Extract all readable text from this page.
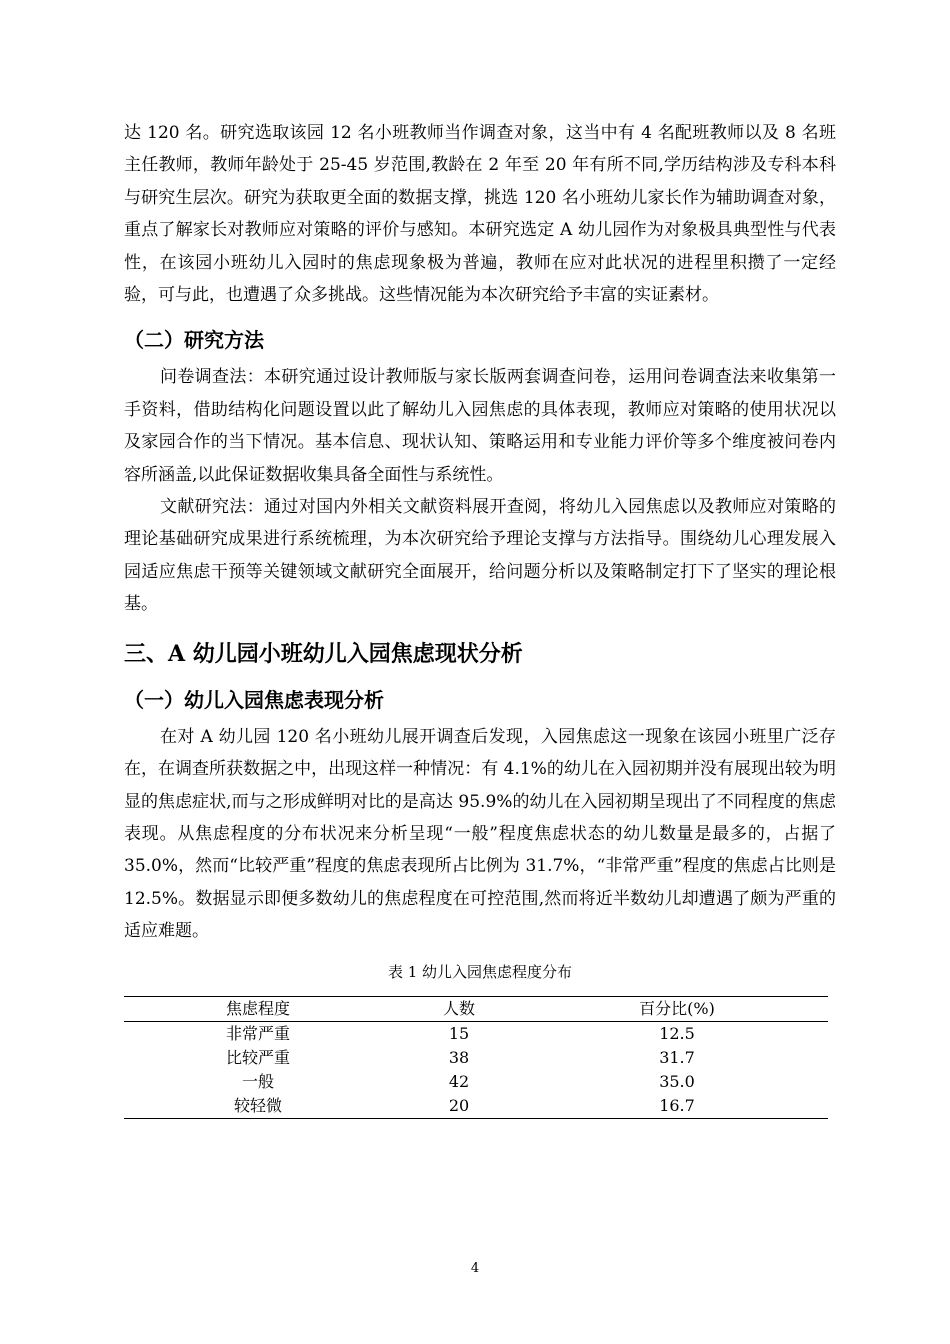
达 120 名。研究选取该园 12 名小班教师当作调查对象，这当中有 4 名配班教师以及 8 名班主任教师，教师年龄处于 25-45 岁范围,教龄在 2 年至 20 年有所不同,学历结构涉及专科本科与研究生层次。研究为获取更全面的数据支撑，挑选 120 名小班幼儿家长作为辅助调查对象，重点了解家长对教师应对策略的评价与感知。本研究选定 A 幼儿园作为对象极具典型性与代表性，在该园小班幼儿入园时的焦虑现象极为普遍，教师在应对此状况的进程里积攒了一定经验，可与此，也遭遇了众多挑战。这些情况能为本次研究给予丰富的实证素材。

（二）研究方法

问卷调查法：本研究通过设计教师版与家长版两套调查问卷，运用问卷调查法来收集第一手资料，借助结构化问题设置以此了解幼儿入园焦虑的具体表现，教师应对策略的使用状况以及家园合作的当下情况。基本信息、现状认知、策略运用和专业能力评价等多个维度被问卷内容所涵盖,以此保证数据收集具备全面性与系统性。

文献研究法：通过对国内外相关文献资料展开查阅，将幼儿入园焦虑以及教师应对策略的理论基础研究成果进行系统梳理，为本次研究给予理论支撑与方法指导。围绕幼儿心理发展入园适应焦虑干预等关键领域文献研究全面展开，给问题分析以及策略制定打下了坚实的理论根基。

三、A 幼儿园小班幼儿入园焦虑现状分析
（一）幼儿入园焦虑表现分析

在对 A 幼儿园 120 名小班幼儿展开调查后发现，入园焦虑这一现象在该园小班里广泛存在，在调查所获数据之中，出现这样一种情况：有 4.1%的幼儿在入园初期并没有展现出较为明显的焦虑症状,而与之形成鲜明对比的是高达 95.9%的幼儿在入园初期呈现出了不同程度的焦虑表现。从焦虑程度的分布状况来分析呈现“一般”程度焦虑状态的幼儿数量是最多的，占据了 35.0%，然而“比较严重”程度的焦虑表现所占比例为 31.7%，“非常严重”程度的焦虑占比则是 12.5%。数据显示即便多数幼儿的焦虑程度在可控范围,然而将近半数幼儿却遭遇了颇为严重的适应难题。

表 1 幼儿入园焦虑程度分布
焦虑程度	人数	百分比(%)
非常严重	15	12.5
比较严重	38	31.7
一般	42	35.0
较轻微	20	16.7
4
